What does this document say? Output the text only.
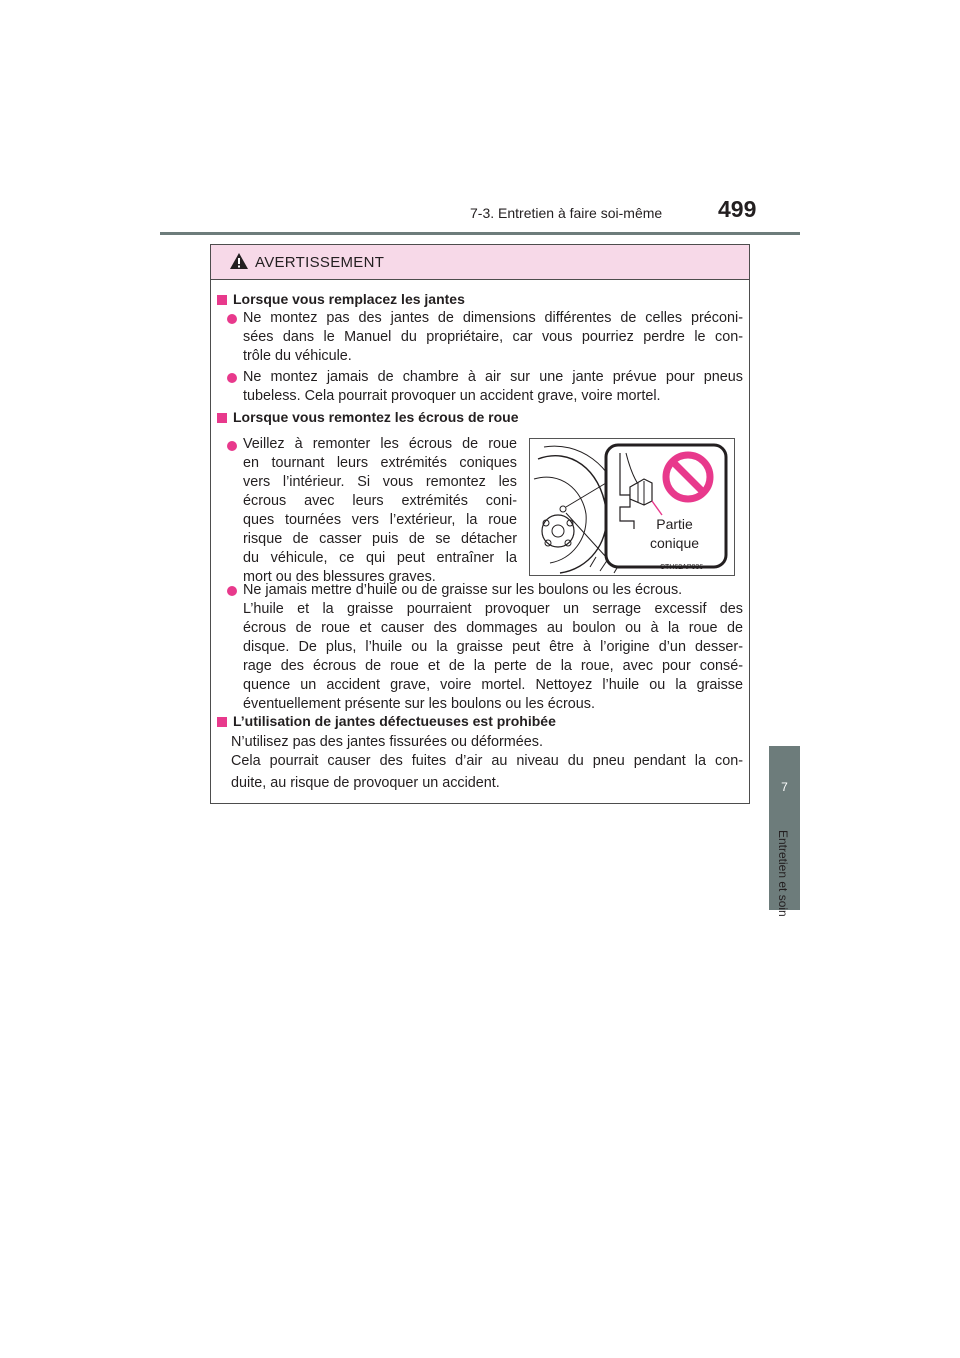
7-3. Entretien à faire soi-même 499
7
Entretien et soin
AVERTISSEMENT
Lorsque vous remplacez les jantes
Ne montez pas des jantes de dimensions différentes de celles préconi-
sées dans le Manuel du propriétaire, car vous pourriez perdre le con-
trôle du véhicule.
Ne montez jamais de chambre à air sur une jante prévue pour pneus
tubeless. Cela pourrait provoquer un accident grave, voire mortel.
Lorsque vous remontez les écrous de roue
Veillez à remonter les écrous de roue
en tournant leurs extrémités coniques
vers l’intérieur. Si vous remontez les
écrous avec leurs extrémités coni-
ques tournées vers l’extérieur, la roue
risque de casser puis de se détacher
du véhicule, ce qui peut entraîner la
mort ou des blessures graves.
Partie
conique
CTH62AP036
Ne jamais mettre d’huile ou de graisse sur les boulons ou les écrous.
L’huile et la graisse pourraient provoquer un serrage excessif des
écrous de roue et causer des dommages au boulon ou à la roue de
disque. De plus, l’huile ou la graisse peut être à l’origine d’un desser-
rage des écrous de roue et de la perte de la roue, avec pour consé-
quence un accident grave, voire mortel. Nettoyez l’huile ou la graisse
éventuellement présente sur les boulons ou les écrous.
L’utilisation de jantes défectueuses est prohibée
N’utilisez pas des jantes fissurées ou déformées.
Cela pourrait causer des fuites d’air au niveau du pneu pendant la con-
duite, au risque de provoquer un accident.
